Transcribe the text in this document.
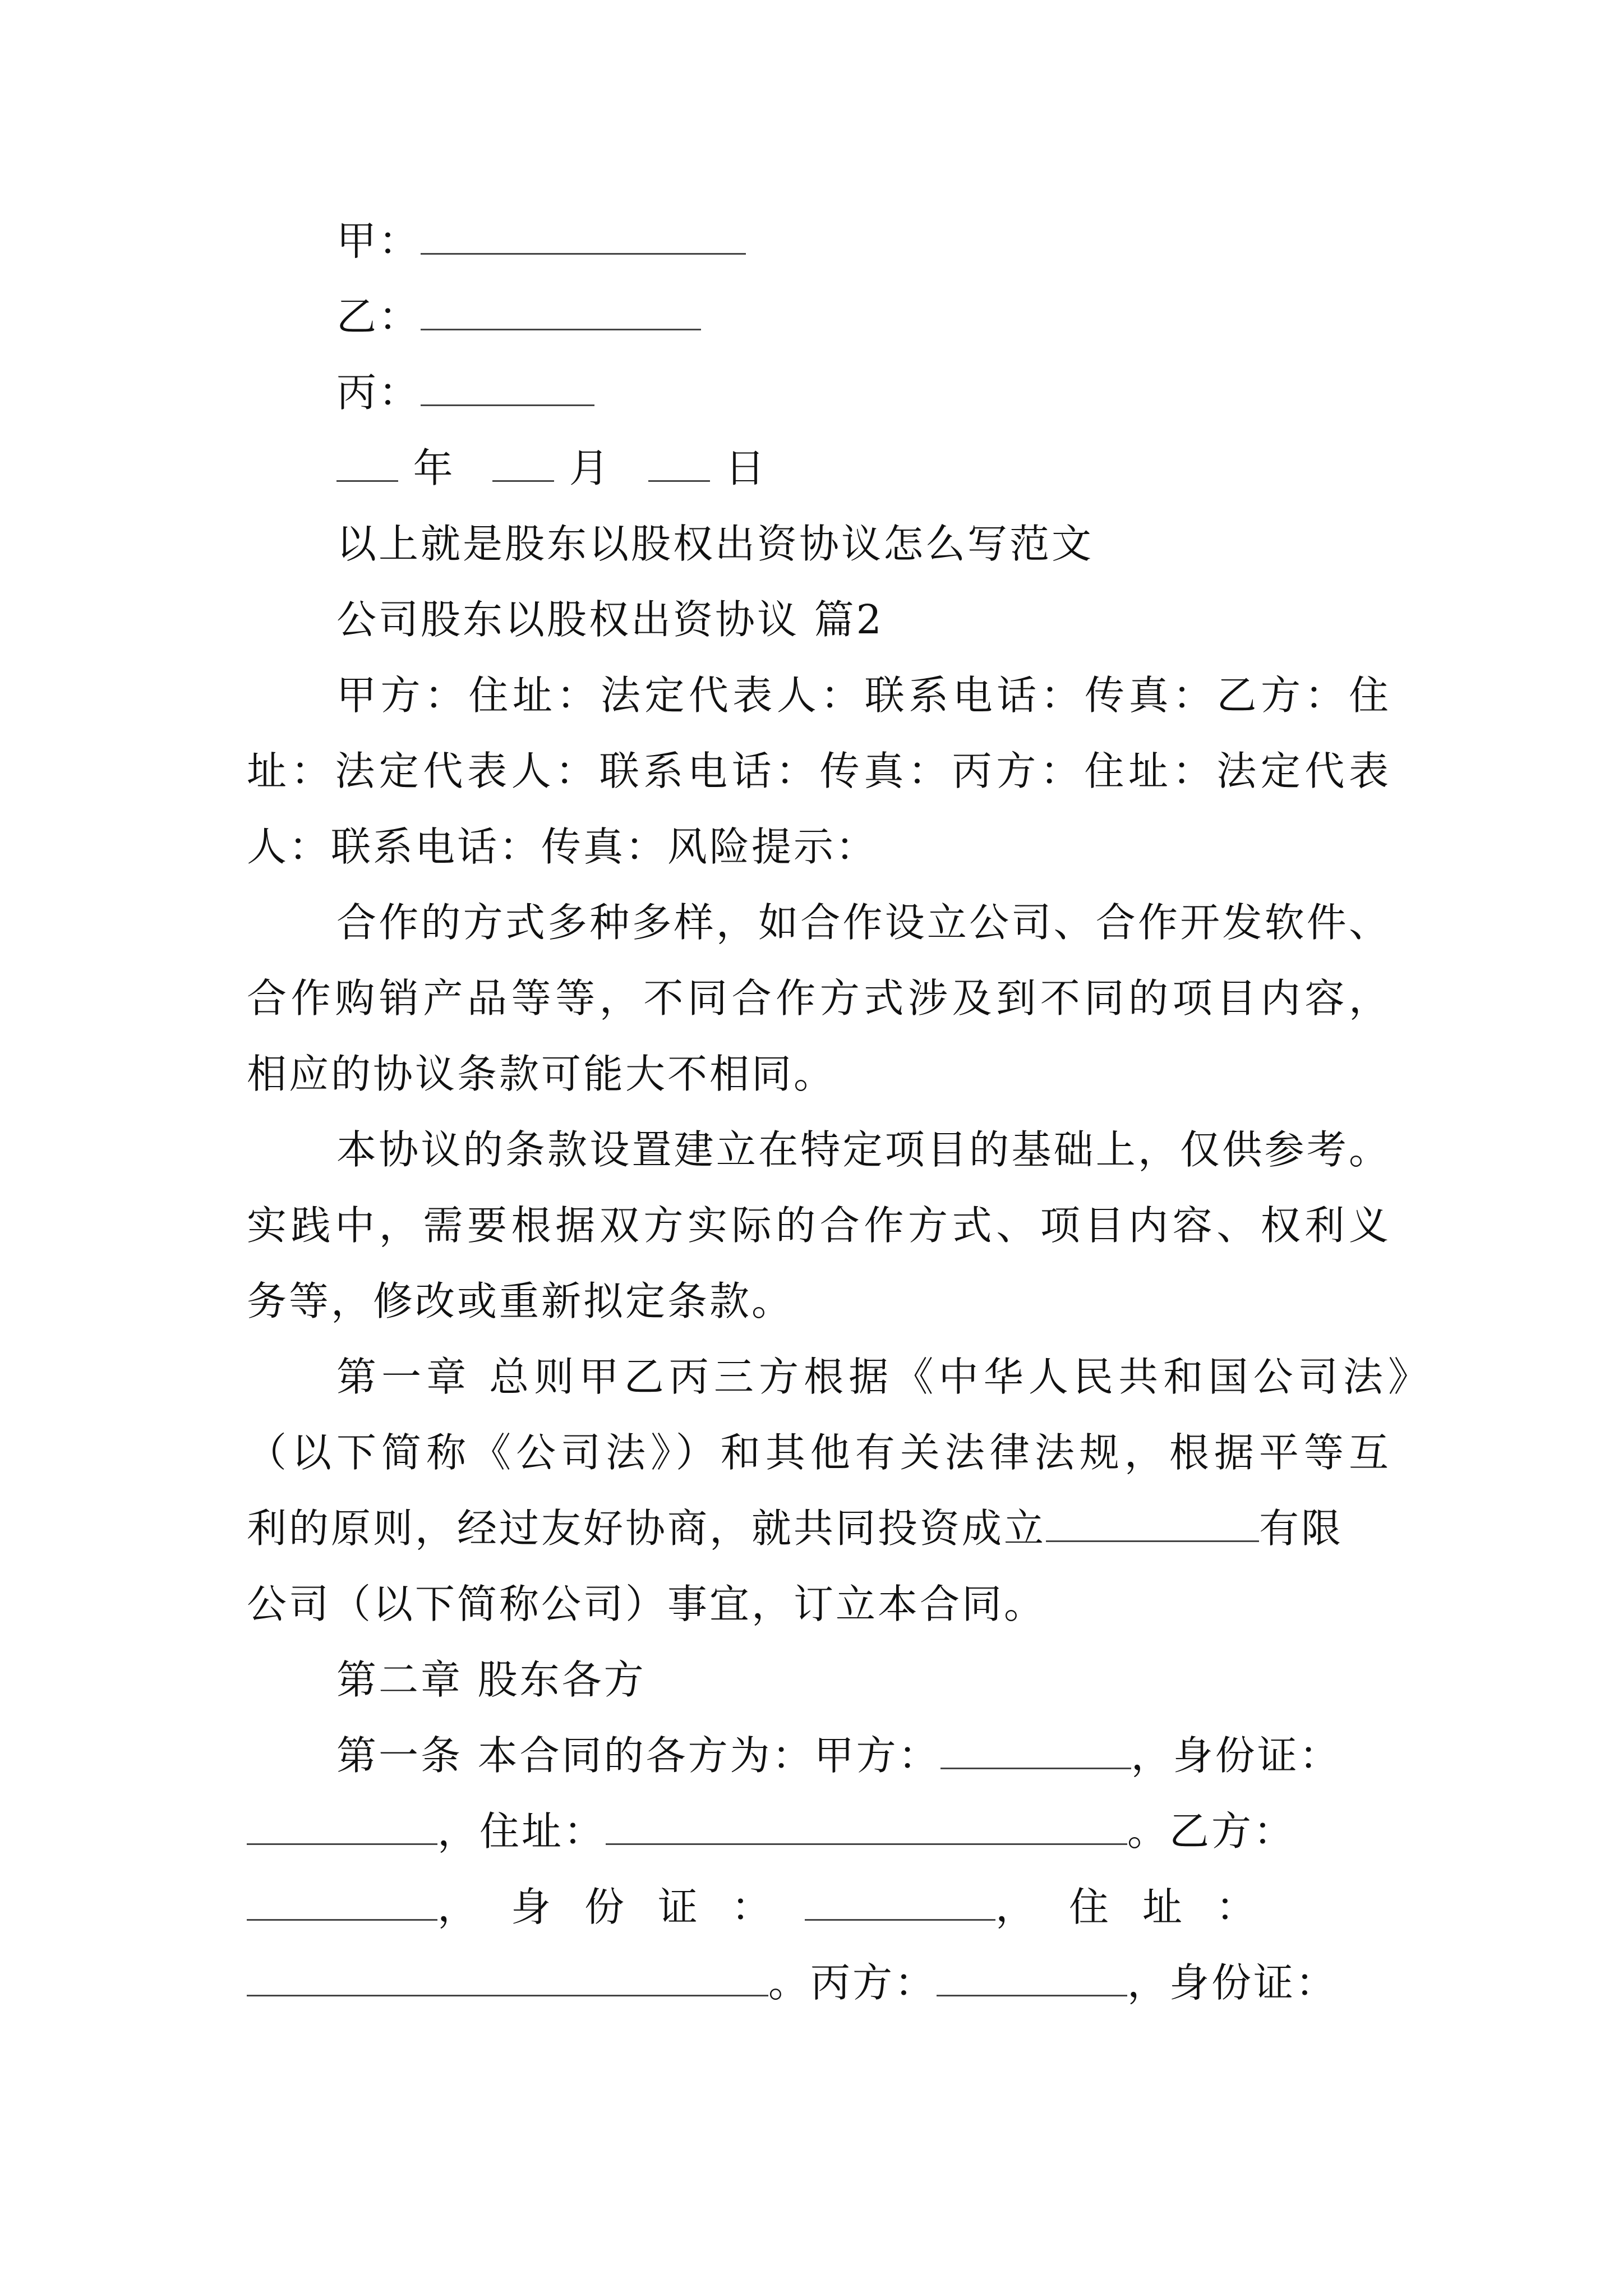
甲：
乙：
丙：
年	月	日
以上就是股东以股权出资协议怎么写范文
公司股东以股权出资协议 篇2
甲方：住址：法定代表人：联系电话：传真：乙方：住
址：法定代表人：联系电话：传真：丙方：住址：法定代表
人：联系电话：传真：风险提示：
合作的方式多种多样，如合作设立公司、合作开发软件、
合作购销产品等等，不同合作方式涉及到不同的项目内容，
相应的协议条款可能大不相同。
本协议的条款设置建立在特定项目的基础上，仅供参考。
实践中，需要根据双方实际的合作方式、项目内容、权利义
务等，修改或重新拟定条款。
第一章 总则甲乙丙三方根据《中华人民共和国公司法》
（以下简称《公司法》）和其他有关法律法规，根据平等互
利的原则，经过友好协商，就共同投资成立	有限
公司（以下简称公司）事宜，订立本合同。
第二章 股东各方
第一条 本合同的各方为：甲方：	，身份证：
，住址：	。乙方：
，身份证：	，住址：
。丙方：	，身份证：
